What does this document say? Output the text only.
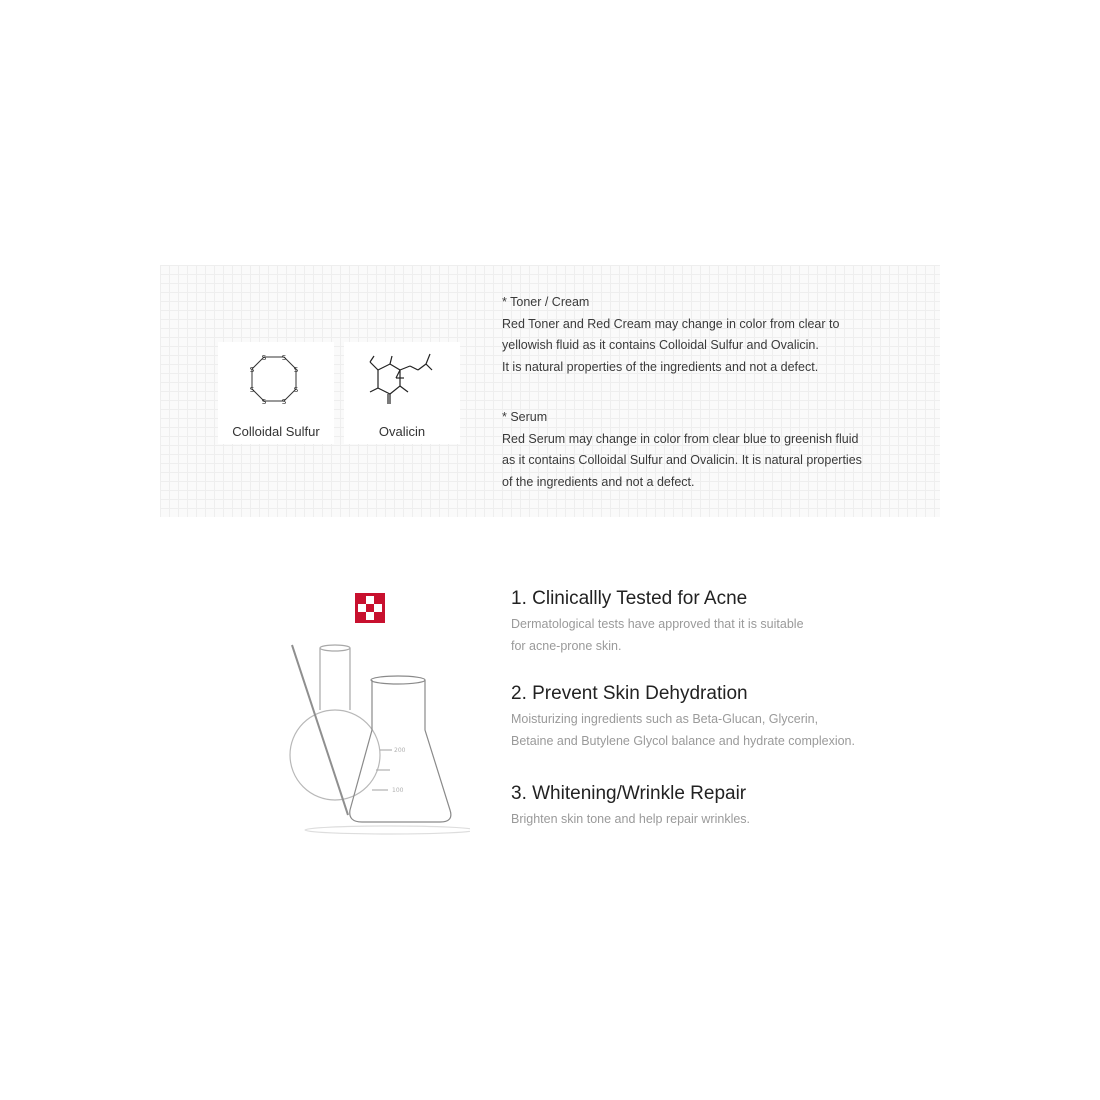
S S
S
S
S
S
S
S
Colloidal Sulfur	Ovalicin
* Toner / Cream
Red Toner and Red Cream may change in color from clear to
yellowish fluid as it contains Colloidal Sulfur and Ovalicin.
It is natural properties of the ingredients and not a defect.
* Serum
Red Serum may change in color from clear blue to greenish fluid
as it contains Colloidal Sulfur and Ovalicin. It is natural properties
of the ingredients and not a defect.
200
100
1. Clinicallly Tested for Acne
Dermatological tests have approved that it is suitable
for acne-prone skin.
2. Prevent Skin Dehydration
Moisturizing ingredients such as Beta-Glucan, Glycerin,
Betaine and Butylene Glycol balance and hydrate complexion.
3. Whitening/Wrinkle Repair
Brighten skin tone and help repair wrinkles.
